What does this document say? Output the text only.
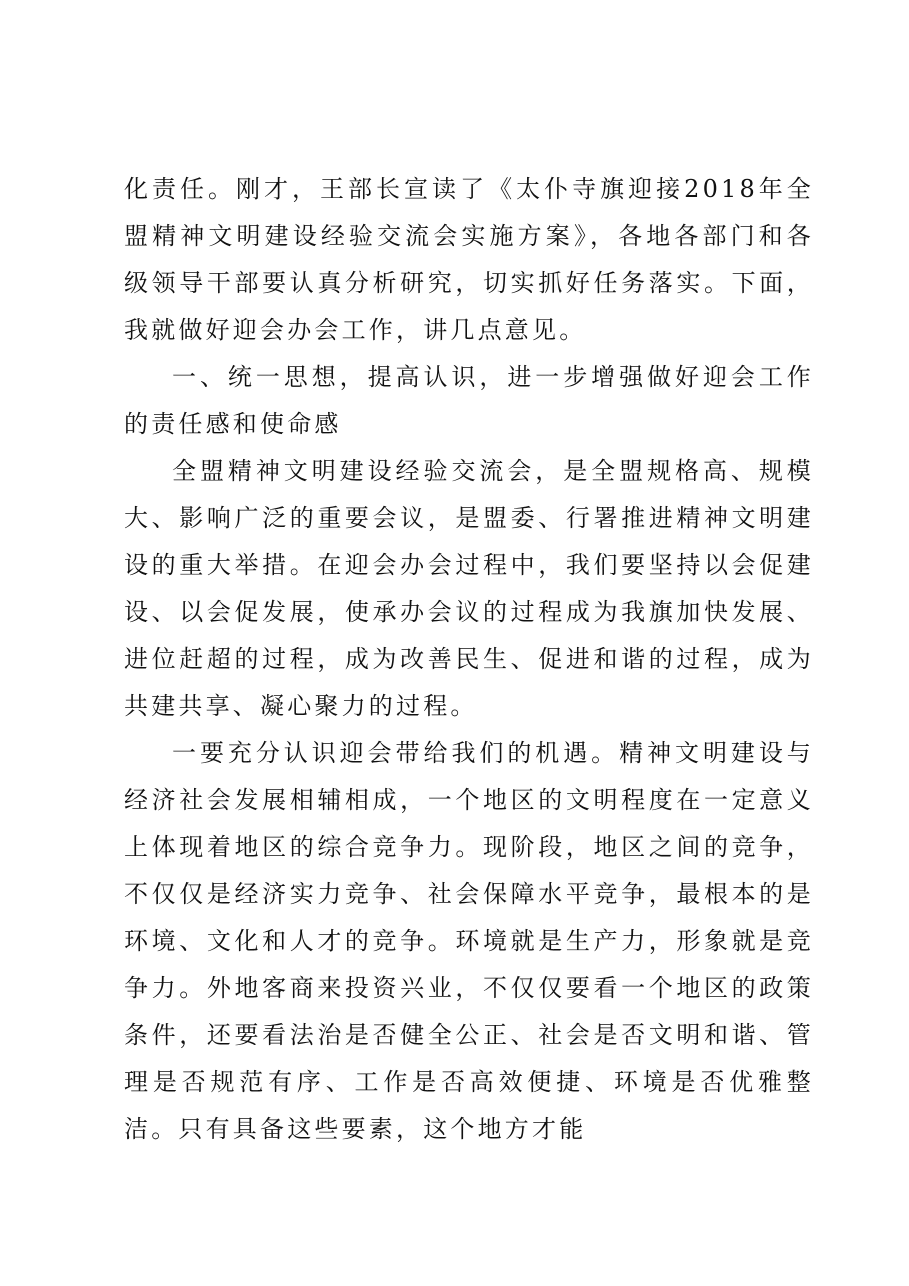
化责任。刚才，王部长宣读了《太仆寺旗迎接2018年全盟精神文明建设经验交流会实施方案》，各地各部门和各级领导干部要认真分析研究，切实抓好任务落实。下面，我就做好迎会办会工作，讲几点意见。

一、统一思想，提高认识，进一步增强做好迎会工作的责任感和使命感

全盟精神文明建设经验交流会，是全盟规格高、规模大、影响广泛的重要会议，是盟委、行署推进精神文明建设的重大举措。在迎会办会过程中，我们要坚持以会促建设、以会促发展，使承办会议的过程成为我旗加快发展、进位赶超的过程，成为改善民生、促进和谐的过程，成为共建共享、凝心聚力的过程。

一要充分认识迎会带给我们的机遇。精神文明建设与经济社会发展相辅相成，一个地区的文明程度在一定意义上体现着地区的综合竞争力。现阶段，地区之间的竞争，不仅仅是经济实力竞争、社会保障水平竞争，最根本的是环境、文化和人才的竞争。环境就是生产力，形象就是竞争力。外地客商来投资兴业，不仅仅要看一个地区的政策条件，还要看法治是否健全公正、社会是否文明和谐、管理是否规范有序、工作是否高效便捷、环境是否优雅整洁。只有具备这些要素，这个地方才能
